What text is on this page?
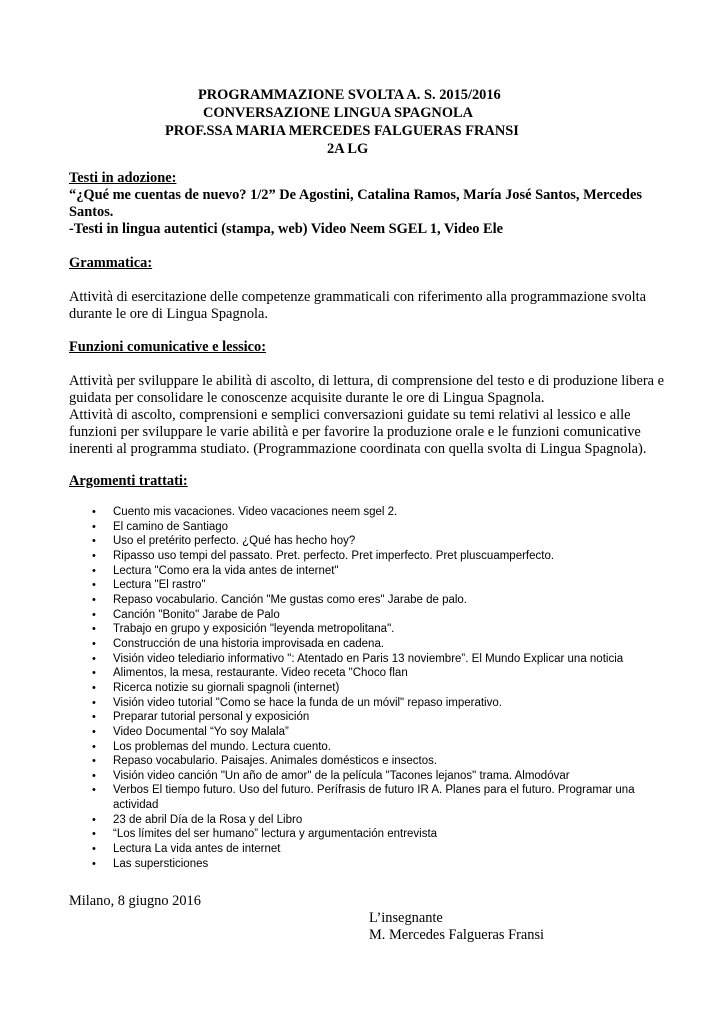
PROGRAMMAZIONE SVOLTA A. S. 2015/2016
CONVERSAZIONE LINGUA SPAGNOLA
PROF.SSA MARIA MERCEDES FALGUERAS FRANSI
2A LG

Testi in adozione:

“¿Qué me cuentas de nuevo? 1/2” De Agostini, Catalina Ramos, María José Santos, Mercedes Santos.

-Testi in lingua autentici (stampa, web) Video Neem SGEL 1, Video Ele

Grammatica:

Attività di esercitazione delle competenze grammaticali con riferimento alla programmazione svolta durante le ore di Lingua Spagnola.

Funzioni comunicative e lessico:

Attività per sviluppare le abilità di ascolto, di lettura, di comprensione del testo e di produzione libera e guidata per consolidare le conoscenze acquisite durante le ore di Lingua Spagnola.

Attività di ascolto, comprensioni e semplici conversazioni guidate su temi relativi al lessico e alle funzioni per sviluppare le varie abilità e per favorire la produzione orale e le funzioni comunicative inerenti al programma studiato. (Programmazione coordinata con quella svolta di Lingua Spagnola).

Argomenti trattati:

• Cuento mis vacaciones. Video vacaciones neem sgel 2.
• El camino de Santiago
• Uso el pretérito perfecto. ¿Qué has hecho hoy?
• Ripasso uso tempi del passato. Pret. perfecto. Pret imperfecto. Pret pluscuamperfecto.
• Lectura "Como era la vida antes de internet"
• Lectura "El rastro"
• Repaso vocabulario. Canción "Me gustas como eres" Jarabe de palo.
• Canción "Bonito" Jarabe de Palo
• Trabajo en grupo y exposición "leyenda metropolitana".
• Construcción de una historia improvisada en cadena.
• Visión video telediario informativo ": Atentado en Paris 13 noviembre”. El Mundo Explicar una noticia
• Alimentos, la mesa, restaurante. Video receta "Choco flan
• Ricerca notizie su giornali spagnoli (internet)
• Visión video tutorial "Como se hace la funda de un móvil" repaso imperativo.
• Preparar tutorial personal y exposición
• Video Documental “Yo soy Malala”
• Los problemas del mundo. Lectura cuento.
• Repaso vocabulario. Paisajes. Animales domésticos e insectos.
• Visión video canción "Un año de amor" de la película "Tacones lejanos" trama. Almodóvar
• Verbos El tiempo futuro. Uso del futuro. Perífrasis de futuro IR A. Planes para el futuro. Programar una actividad
• 23 de abril Día de la Rosa y del Libro
• “Los límites del ser humano” lectura y argumentación entrevista
• Lectura La vida antes de internet
• Las supersticiones
Milano, 8 giugno 2016
L’insegnante
M. Mercedes Falgueras Fransi
